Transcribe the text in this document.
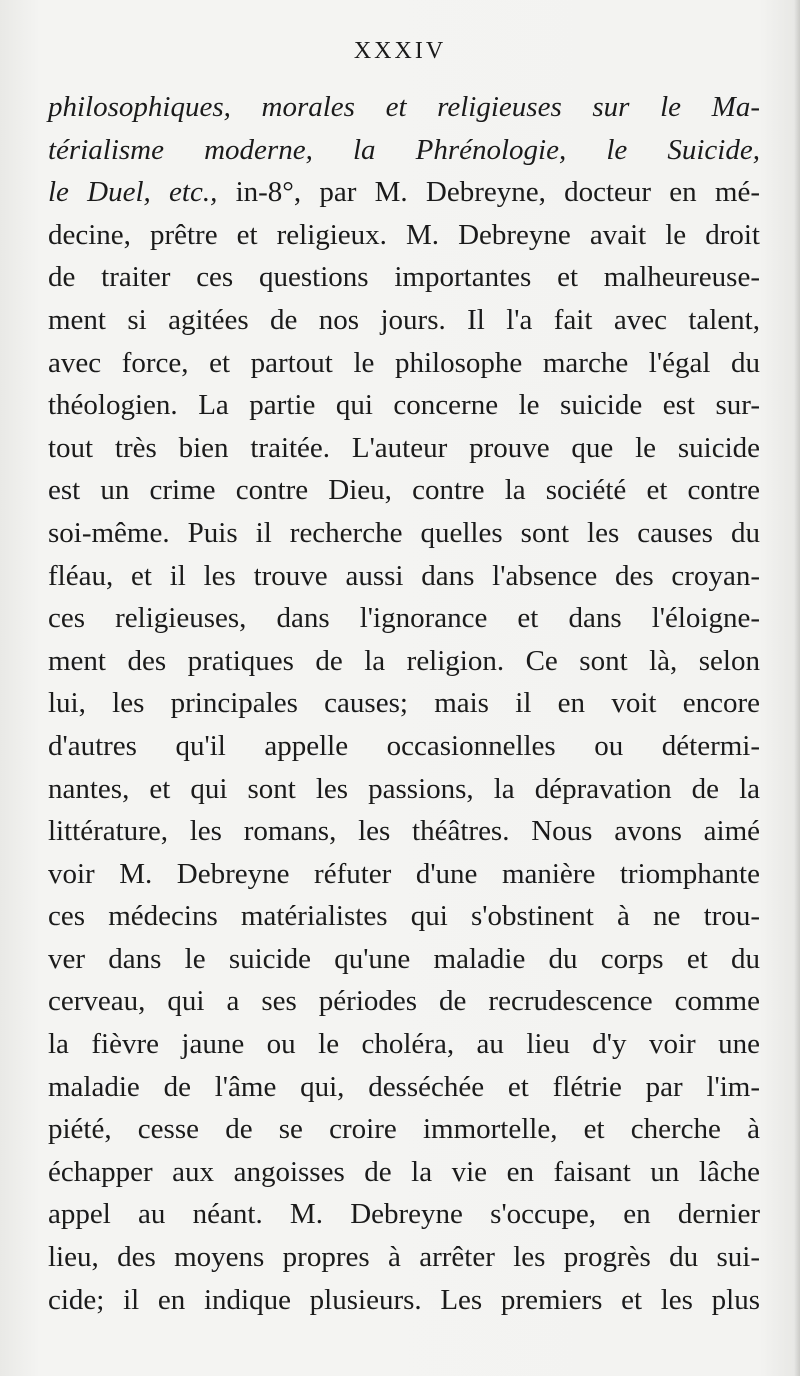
XXXIV
philosophiques, morales et religieuses sur le Ma-
térialisme moderne, la Phrénologie, le Suicide,
le Duel, etc., in-8°, par M. Debreyne, docteur en mé-
decine, prêtre et religieux. M. Debreyne avait le droit
de traiter ces questions importantes et malheureuse-
ment si agitées de nos jours. Il l'a fait avec talent,
avec force, et partout le philosophe marche l'égal du
théologien. La partie qui concerne le suicide est sur-
tout très bien traitée. L'auteur prouve que le suicide
est un crime contre Dieu, contre la société et contre
soi-même. Puis il recherche quelles sont les causes du
fléau, et il les trouve aussi dans l'absence des croyan-
ces religieuses, dans l'ignorance et dans l'éloigne-
ment des pratiques de la religion. Ce sont là, selon
lui, les principales causes; mais il en voit encore
d'autres qu'il appelle occasionnelles ou détermi-
nantes, et qui sont les passions, la dépravation de la
littérature, les romans, les théâtres. Nous avons aimé
voir M. Debreyne réfuter d'une manière triomphante
ces médecins matérialistes qui s'obstinent à ne trou-
ver dans le suicide qu'une maladie du corps et du
cerveau, qui a ses périodes de recrudescence comme
la fièvre jaune ou le choléra, au lieu d'y voir une
maladie de l'âme qui, desséchée et flétrie par l'im-
piété, cesse de se croire immortelle, et cherche à
échapper aux angoisses de la vie en faisant un lâche
appel au néant. M. Debreyne s'occupe, en dernier
lieu, des moyens propres à arrêter les progrès du sui-
cide; il en indique plusieurs. Les premiers et les plus
